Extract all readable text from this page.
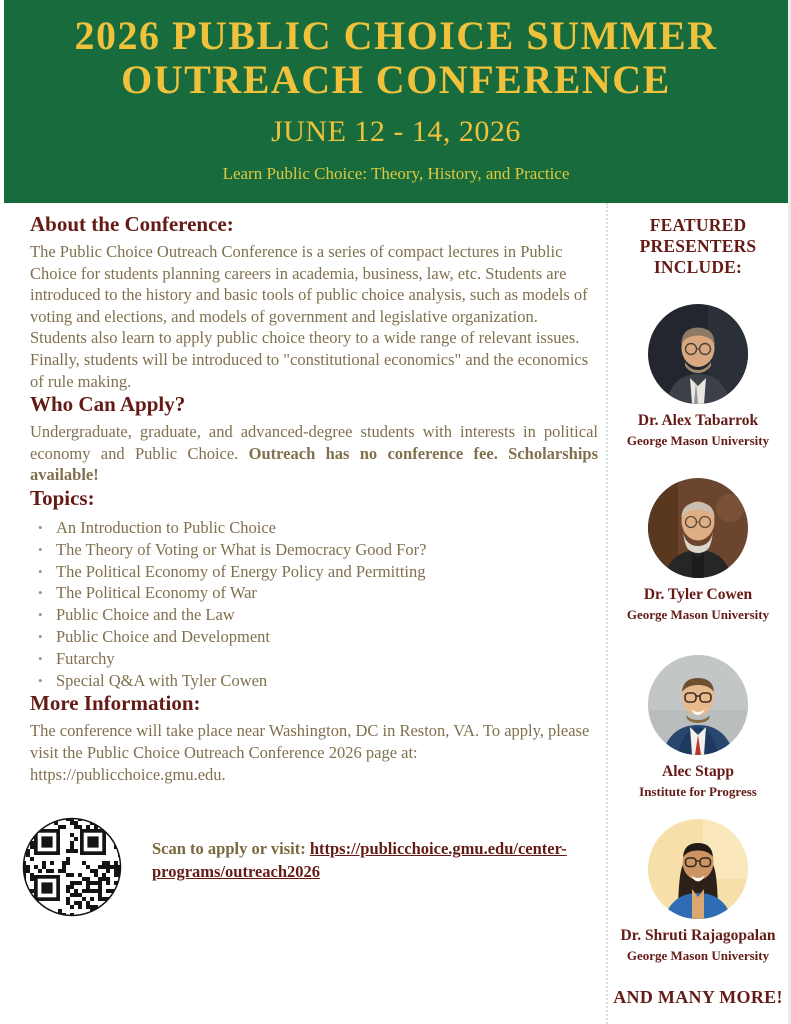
2026 PUBLIC CHOICE SUMMER
OUTREACH CONFERENCE
JUNE 12 - 14, 2026
Learn Public Choice: Theory, History, and Practice
About the Conference:

The Public Choice Outreach Conference is a series of compact lectures in Public Choice for students planning careers in academia, business, law, etc. Students are introduced to the history and basic tools of public choice analysis, such as models of voting and elections, and models of government and legislative organization. Students also learn to apply public choice theory to a wide range of relevant issues. Finally, students will be introduced to "constitutional economics" and the economics of rule making.

Who Can Apply?

Undergraduate, graduate, and advanced-degree students with interests in political economy and Public Choice. Outreach has no conference fee. Scholarships available!

Topics:
• An Introduction to Public Choice
• The Theory of Voting or What is Democracy Good For?
• The Political Economy of Energy Policy and Permitting
• The Political Economy of War
• Public Choice and the Law
• Public Choice and Development
• Futarchy
• Special Q&A with Tyler Cowen
More Information:

The conference will take place near Washington, DC in Reston, VA. To apply, please visit the Public Choice Outreach Conference 2026 page at: https://publicchoice.gmu.edu.

Scan to apply or visit: https://publicchoice.gmu.edu/center-programs/outreach2026
FEATURED
PRESENTERS
INCLUDE:
Dr. Alex Tabarrok
George Mason University
Dr. Tyler Cowen
George Mason University
Alec Stapp
Institute for Progress
Dr. Shruti Rajagopalan
George Mason University
AND MANY MORE!
